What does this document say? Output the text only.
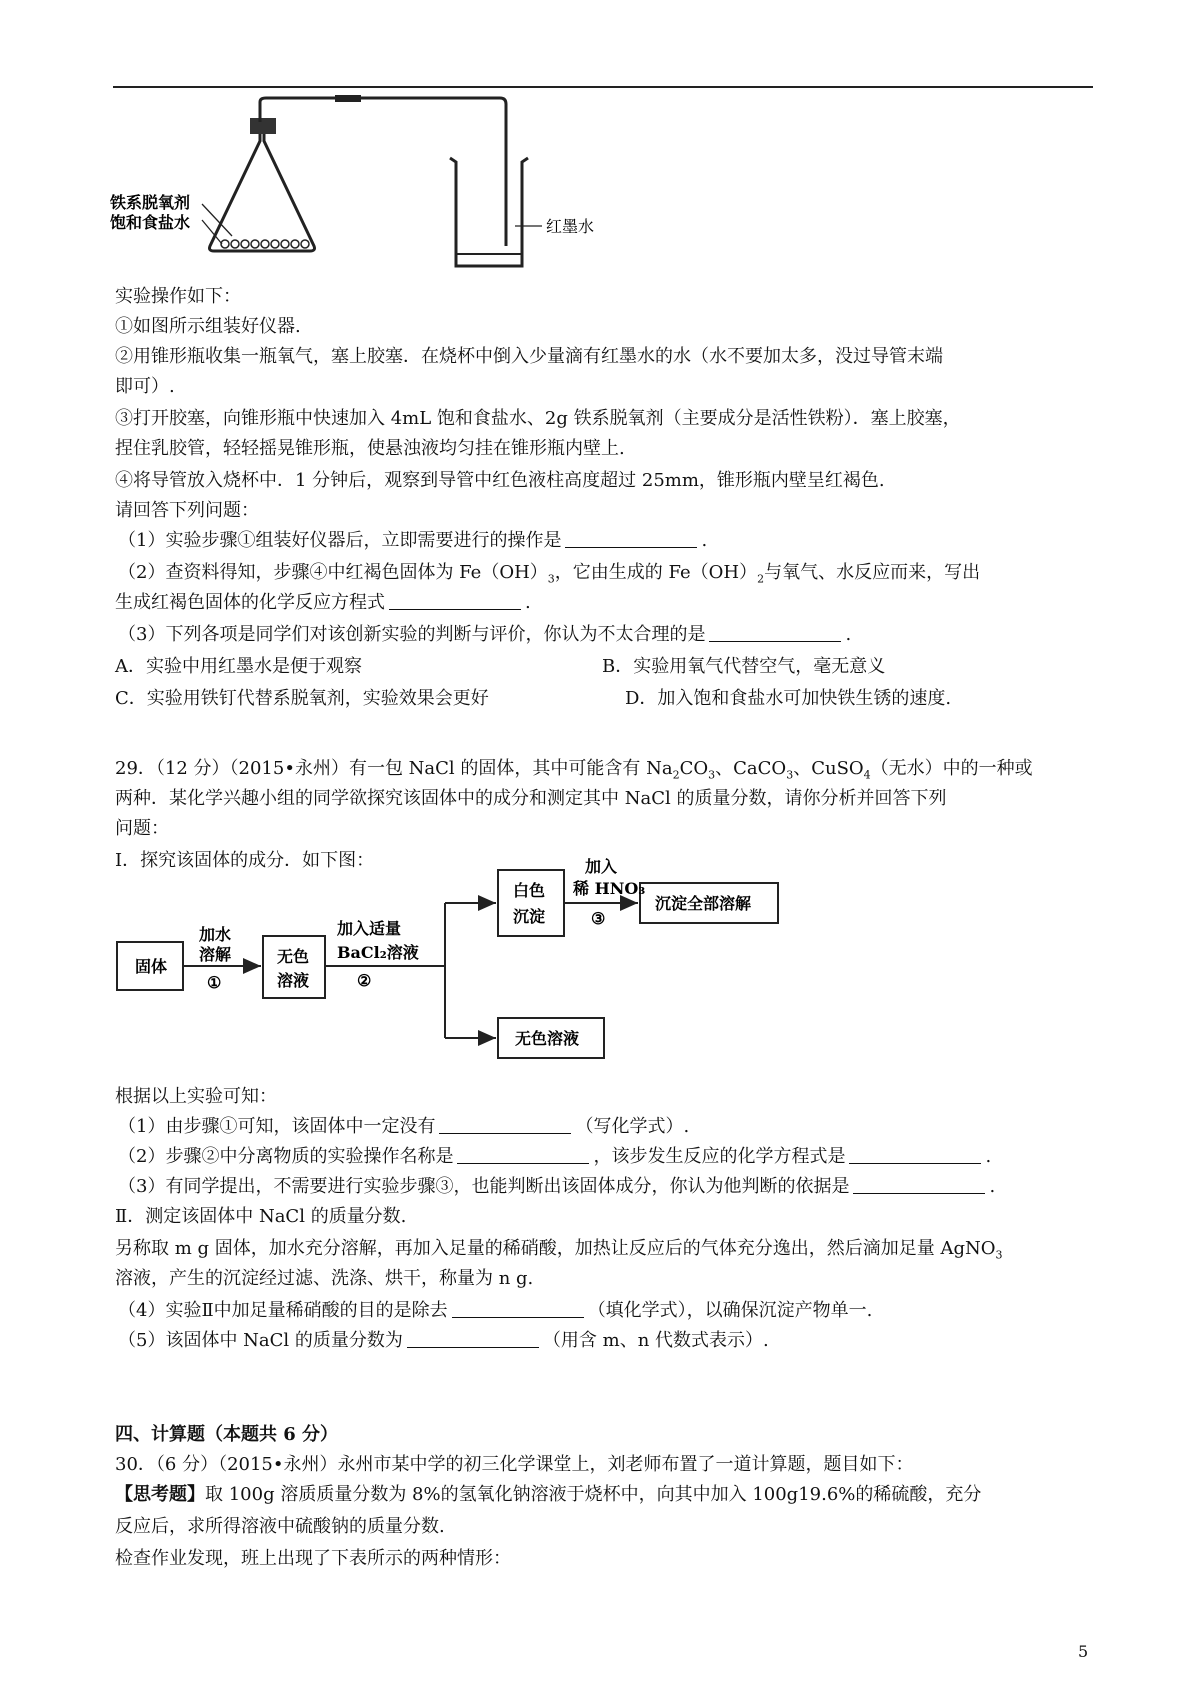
铁系脱氧剂
饱和食盐水	红墨水
实验操作如下：
①如图所示组装好仪器.
②用锥形瓶收集一瓶氧气，塞上胶塞．在烧杯中倒入少量滴有红墨水的水（水不要加太多，没过导管末端
即可）.
③打开胶塞，向锥形瓶中快速加入 4mL 饱和食盐水、2g 铁系脱氧剂（主要成分是活性铁粉）．塞上胶塞，
捏住乳胶管，轻轻摇晃锥形瓶，使悬浊液均匀挂在锥形瓶内壁上.
④将导管放入烧杯中．1 分钟后，观察到导管中红色液柱高度超过 25mm，锥形瓶内壁呈红褐色.
请回答下列问题：
（1）实验步骤①组装好仪器后，立即需要进行的操作是	.
（2）查资料得知，步骤④中红褐色固体为 $Fe(OH)_3$，它由生成的 $Fe(OH)_2$与氧气、水反应而来，写出
生成红褐色固体的化学反应方程式	.
（3）下列各项是同学们对该创新实验的判断与评价，你认为不太合理的是	.
A．实验中用红墨水是便于观察	B．实验用氧气代替空气，毫无意义
C．实验用铁钉代替系脱氧剂，实验效果会更好	D．加入饱和食盐水可加快铁生锈的速度.
29．（12 分）（2015•永州）有一包 NaCl 的固体，其中可能含有 $Na_2CO_3$、CaCO$_3$、CuSO$_4$（无水）中的一种或
两种．某化学兴趣小组的同学欲探究该固体中的成分和测定其中 NaCl 的质量分数，请你分析并回答下列
问题：
Ⅰ．探究该固体的成分．如下图：
固体
加水
溶解
①
无色
溶液
加入适量
BaCl₂溶液
②
白色
沉淀
加入
稀 HNO₃
③
沉淀全部溶解
无色溶液
根据以上实验可知：
（1）由步骤①可知，该固体中一定没有	（写化学式）.
（2）步骤②中分离物质的实验操作名称是	，该步发生反应的化学方程式是	.
（3）有同学提出，不需要进行实验步骤③，也能判断出该固体成分，你认为他判断的依据是	.
Ⅱ．测定该固体中 NaCl 的质量分数.
另称取 m g 固体，加水充分溶解，再加入足量的稀硝酸，加热让反应后的气体充分逸出，然后滴加足量 AgNO$_3$
溶液，产生的沉淀经过滤、洗涤、烘干，称量为 n g.
（4）实验Ⅱ中加足量稀硝酸的目的是除去	（填化学式），以确保沉淀产物单一.
（5）该固体中 NaCl 的质量分数为	（用含 m、n 代数式表示）.
四、计算题（本题共 6 分）
30．（6 分）（2015•永州）永州市某中学的初三化学课堂上，刘老师布置了一道计算题，题目如下：
【思考题】取 100g 溶质质量分数为 8%的氢氧化钠溶液于烧杯中，向其中加入 100g19.6%的稀硫酸，充分
反应后，求所得溶液中硫酸钠的质量分数.
检查作业发现，班上出现了下表所示的两种情形：
5
